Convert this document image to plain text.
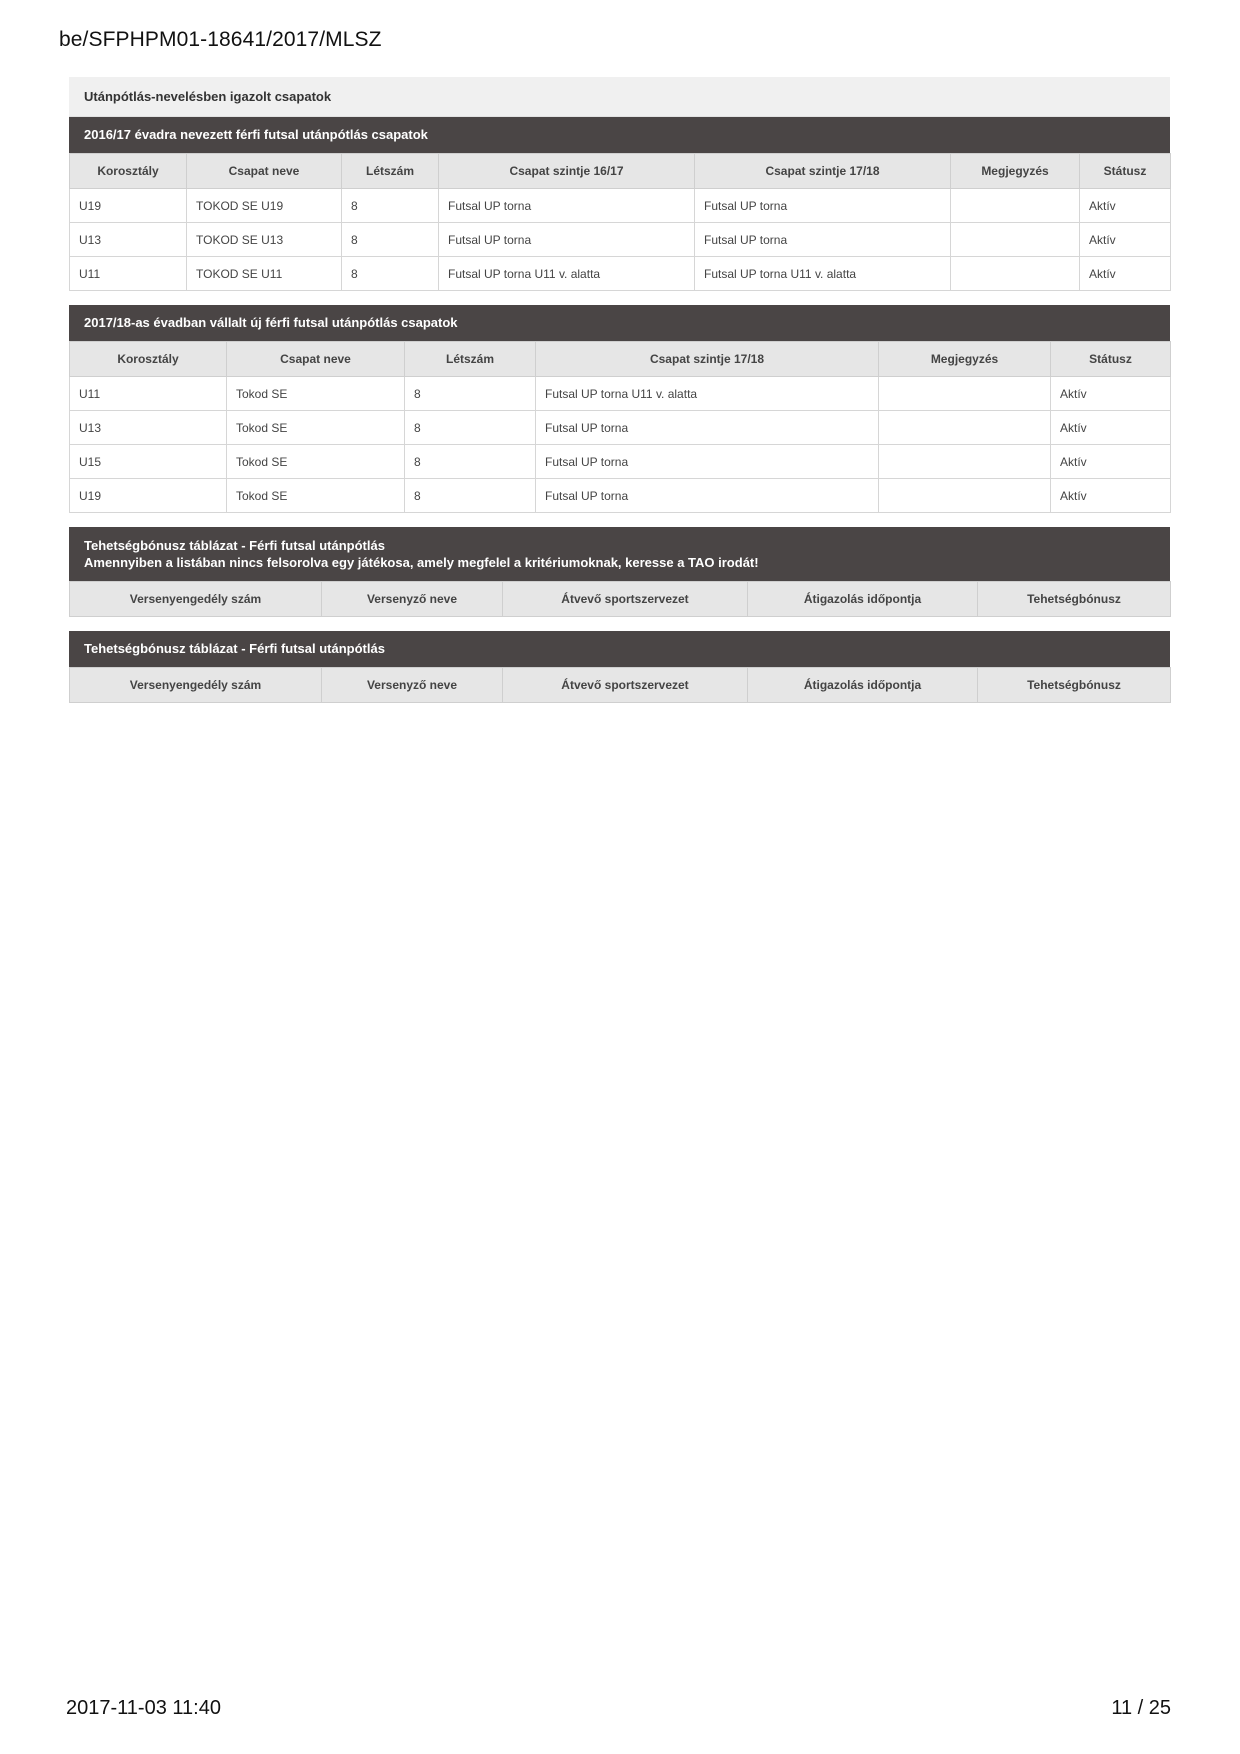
be/SFPHPM01-18641/2017/MLSZ
Utánpótlás-nevelésben igazolt csapatok
2016/17 évadra nevezett férfi futsal utánpótlás csapatok
Korosztály	Csapat neve	Létszám	Csapat szintje 16/17	Csapat szintje 17/18	Megjegyzés	Státusz
U19	TOKOD SE U19	8	Futsal UP torna	Futsal UP torna		Aktív
U13	TOKOD SE U13	8	Futsal UP torna	Futsal UP torna		Aktív
U11	TOKOD SE U11	8	Futsal UP torna U11 v. alatta	Futsal UP torna U11 v. alatta		Aktív
2017/18-as évadban vállalt új férfi futsal utánpótlás csapatok
Korosztály	Csapat neve	Létszám	Csapat szintje 17/18	Megjegyzés	Státusz
U11	Tokod SE	8	Futsal UP torna U11 v. alatta		Aktív
U13	Tokod SE	8	Futsal UP torna		Aktív
U15	Tokod SE	8	Futsal UP torna		Aktív
U19	Tokod SE	8	Futsal UP torna		Aktív
Tehetségbónusz táblázat - Férfi futsal utánpótlás
Amennyiben a listában nincs felsorolva egy játékosa, amely megfelel a kritériumoknak, keresse a TAO irodát!
Versenyengedély szám	Versenyző neve	Átvevő sportszervezet	Átigazolás időpontja	Tehetségbónusz
Tehetségbónusz táblázat - Férfi futsal utánpótlás
Versenyengedély szám	Versenyző neve	Átvevő sportszervezet	Átigazolás időpontja	Tehetségbónusz
2017-11-03 11:40	11 / 25
